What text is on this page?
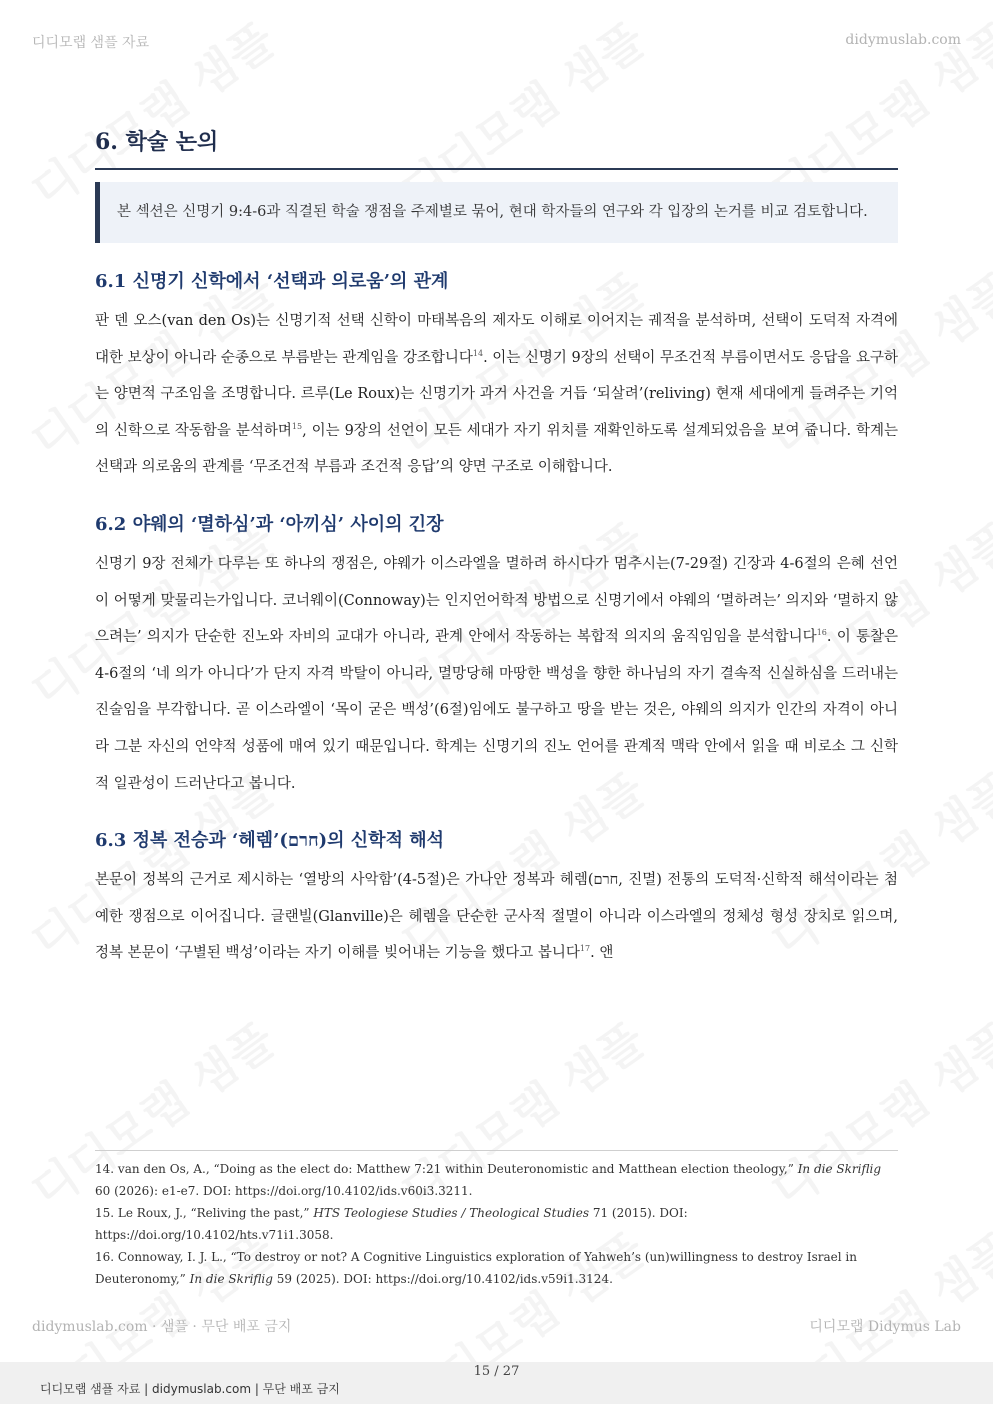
디디모랩 샘플 자료	didymuslab.com
6. 학술 논의
본 섹션은 신명기 9:4-6과 직결된 학술 쟁점을 주제별로 묶어, 현대 학자들의 연구와 각 입장의 논거를 비교 검토합니다.
6.1 신명기 신학에서 ‘선택과 의로움’의 관계

판 덴 오스(van den Os)는 신명기적 선택 신학이 마태복음의 제자도 이해로 이어지는 궤적을 분석하며, 선택이 도덕적 자격에 대한 보상이 아니라 순종으로 부름받는 관계임을 강조합니다$^{14}$. 이는 신명기 9장의 선택이 무조건적 부름이면서도 응답을 요구하는 양면적 구조임을 조명합니다. 르루(Le Roux)는 신명기가 과거 사건을 거듭 ‘되살려’(reliving) 현재 세대에게 들려주는 기억의 신학으로 작동함을 분석하며$^{15}$, 이는 9장의 선언이 모든 세대가 자기 위치를 재확인하도록 설계되었음을 보여 줍니다. 학계는 선택과 의로움의 관계를 ‘무조건적 부름과 조건적 응답’의 양면 구조로 이해합니다.

6.2 야웨의 ‘멸하심’과 ‘아끼심’ 사이의 긴장

신명기 9장 전체가 다루는 또 하나의 쟁점은, 야웨가 이스라엘을 멸하려 하시다가 멈추시는(7-29절) 긴장과 4-6절의 은혜 선언이 어떻게 맞물리는가입니다. 코너웨이(Connoway)는 인지언어학적 방법으로 신명기에서 야웨의 ‘멸하려는’ 의지와 ‘멸하지 않으려는’ 의지가 단순한 진노와 자비의 교대가 아니라, 관계 안에서 작동하는 복합적 의지의 움직임임을 분석합니다$^{16}$. 이 통찰은 4-6절의 ‘네 의가 아니다’가 단지 자격 박탈이 아니라, 멸망당해 마땅한 백성을 향한 하나님의 자기 결속적 신실하심을 드러내는 진술임을 부각합니다. 곧 이스라엘이 ‘목이 굳은 백성’(6절)임에도 불구하고 땅을 받는 것은, 야웨의 의지가 인간의 자격이 아니라 그분 자신의 언약적 성품에 매여 있기 때문입니다. 학계는 신명기의 진노 언어를 관계적 맥락 안에서 읽을 때 비로소 그 신학적 일관성이 드러난다고 봅니다.

6.3 정복 전승과 ‘헤렘’(חרם)의 신학적 해석

본문이 정복의 근거로 제시하는 ‘열방의 사악함’(4-5절)은 가나안 정복과 헤렘(חרם, 진멸) 전통의 도덕적·신학적 해석이라는 첨예한 쟁점으로 이어집니다. 글랜빌(Glanville)은 헤렘을 단순한 군사적 절멸이 아니라 이스라엘의 정체성 형성 장치로 읽으며, 정복 본문이 ‘구별된 백성’이라는 자기 이해를 빚어내는 기능을 했다고 봅니다$^{17}$. 앤

14. van den Os, A., “Doing as the elect do: Matthew 7:21 within Deuteronomistic and Matthean election theology,” In die Skriflig 60 (2026): e1-e7. DOI: https://doi.org/10.4102/ids.v60i3.3211.
15. Le Roux, J., “Reliving the past,” HTS Teologiese Studies / Theological Studies 71 (2015). DOI: https://doi.org/10.4102/hts.v71i1.3058.
16. Connoway, I. J. L., “To destroy or not? A Cognitive Linguistics exploration of Yahweh’s (un)willingness to destroy Israel in Deuteronomy,” In die Skriflig 59 (2025). DOI: https://doi.org/10.4102/ids.v59i1.3124.
didymuslab.com · 샘플 · 무단 배포 금지	디디모랩 Didymus Lab
15 / 27
디디모랩 샘플 자료 | didymuslab.com | 무단 배포 금지
